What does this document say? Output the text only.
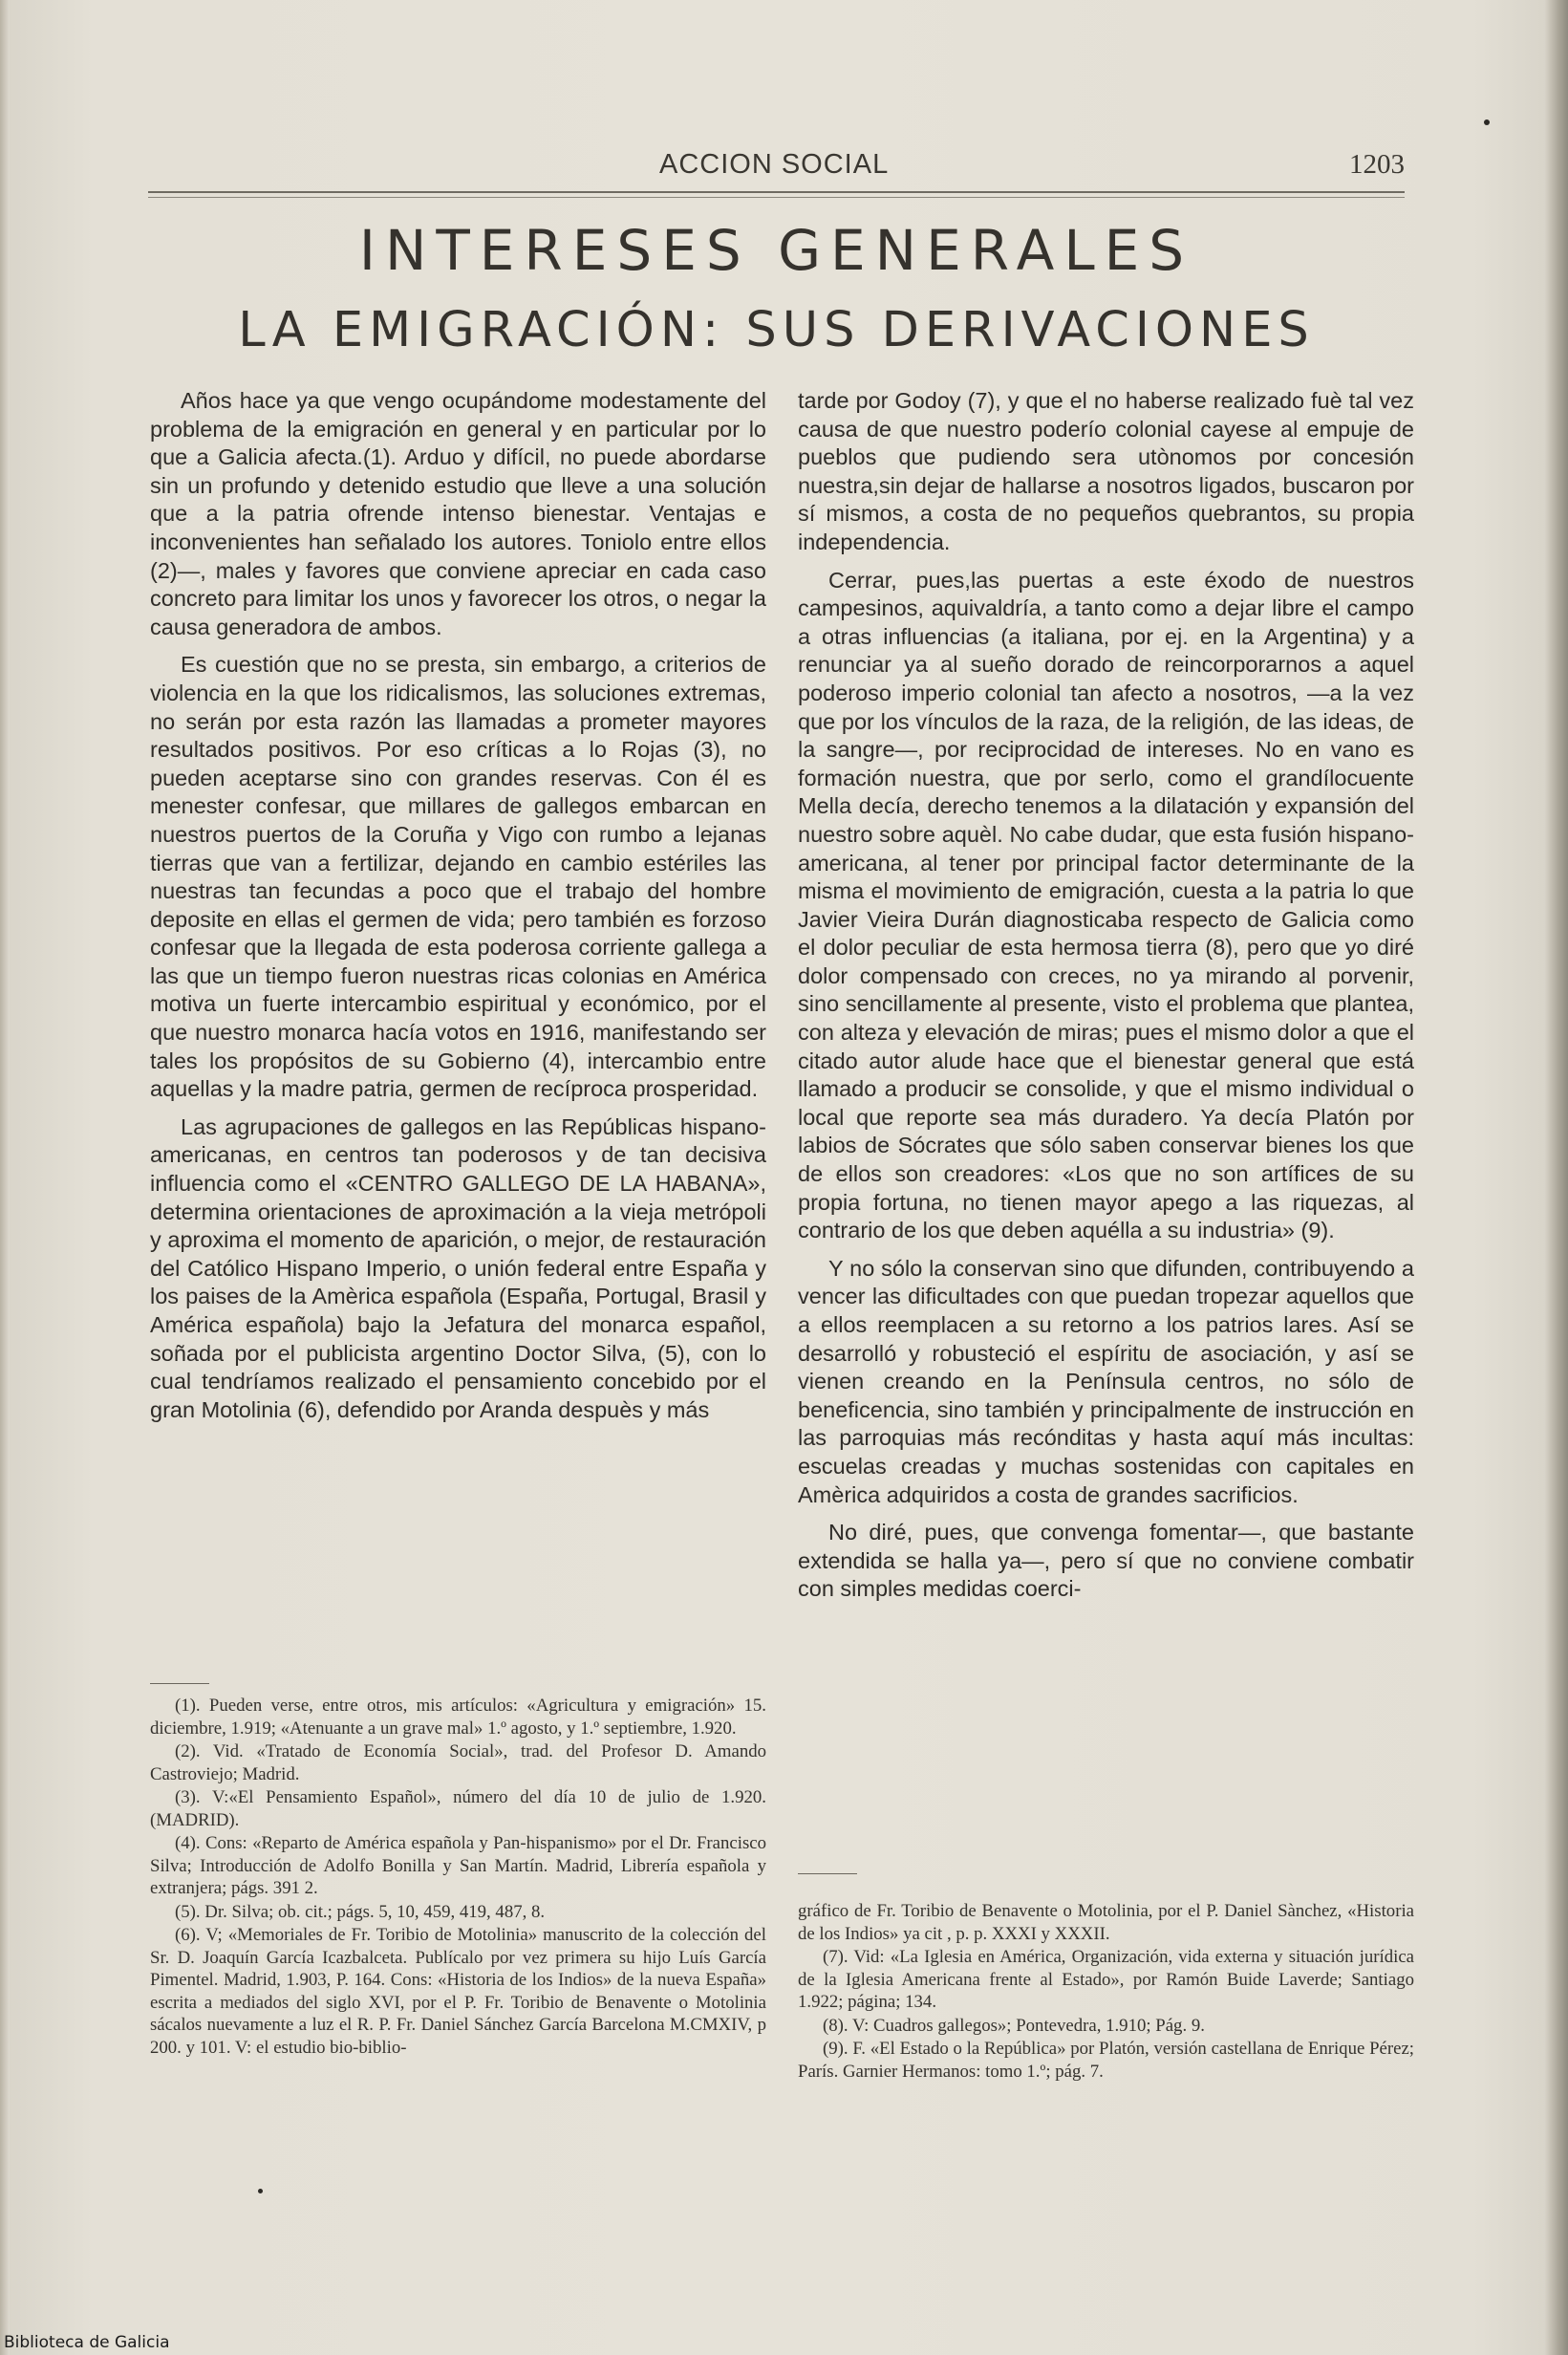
ACCION SOCIAL	1203
INTERESES GENERALES
LA EMIGRACIÓN: SUS DERIVACIONES

Años hace ya que vengo ocupándome modestamente del problema de la emigración en general y en particular por lo que a Galicia afecta.(1). Arduo y difícil, no puede abordarse sin un profundo y detenido estudio que lleve a una solución que a la patria ofrende intenso bienestar. Ventajas e inconvenientes han señalado los autores. Toniolo entre ellos (2)—, males y favores que conviene apreciar en cada caso concreto para limitar los unos y favorecer los otros, o negar la causa generadora de ambos.

Es cuestión que no se presta, sin embargo, a criterios de violencia en la que los ridicalismos, las soluciones extremas, no serán por esta razón las llamadas a prometer mayores resultados positivos. Por eso críticas a lo Rojas (3), no pueden aceptarse sino con grandes reservas. Con él es menester confesar, que millares de gallegos embarcan en nuestros puertos de la Coruña y Vigo con rumbo a lejanas tierras que van a fertilizar, dejando en cambio estériles las nuestras tan fecundas a poco que el trabajo del hombre deposite en ellas el germen de vida; pero también es forzoso confesar que la llegada de esta poderosa corriente gallega a las que un tiempo fueron nuestras ricas colonias en América motiva un fuerte intercambio espiritual y económico, por el que nuestro monarca hacía votos en 1916, manifestando ser tales los propósitos de su Gobierno (4), intercambio entre aquellas y la madre patria, germen de recíproca prosperidad.

Las agrupaciones de gallegos en las Repúblicas hispano-americanas, en centros tan poderosos y de tan decisiva influencia como el «CENTRO GALLEGO DE LA HABANA», determina orientaciones de aproximación a la vieja metrópoli y aproxima el momento de aparición, o mejor, de restauración del Católico Hispano Imperio, o unión federal entre España y los paises de la Amèrica española (España, Portugal, Brasil y América española) bajo la Jefatura del monarca español, soñada por el publicista argentino Doctor Silva, (5), con lo cual tendríamos realizado el pensamiento concebido por el gran Motolinia (6), defendido por Aranda despuès y más

tarde por Godoy (7), y que el no haberse realizado fuè tal vez causa de que nuestro poderío colonial cayese al empuje de pueblos que pudiendo sera utònomos por concesión nuestra,sin dejar de hallarse a nosotros ligados, buscaron por sí mismos, a costa de no pequeños quebrantos, su propia independencia.

Cerrar, pues,las puertas a este éxodo de nuestros campesinos, aquivaldría, a tanto como a dejar libre el campo a otras influencias (a italiana, por ej. en la Argentina) y a renunciar ya al sueño dorado de reincorporarnos a aquel poderoso imperio colonial tan afecto a nosotros, —a la vez que por los vínculos de la raza, de la religión, de las ideas, de la sangre—, por reciprocidad de intereses. No en vano es formación nuestra, que por serlo, como el grandílocuente Mella decía, derecho tenemos a la dilatación y expansión del nuestro sobre aquèl. No cabe dudar, que esta fusión hispano-americana, al tener por principal factor determinante de la misma el movimiento de emigración, cuesta a la patria lo que Javier Vieira Durán diagnosticaba respecto de Galicia como el dolor peculiar de esta hermosa tierra (8), pero que yo diré dolor compensado con creces, no ya mirando al porvenir, sino sencillamente al presente, visto el problema que plantea, con alteza y elevación de miras; pues el mismo dolor a que el citado autor alude hace que el bienestar general que está llamado a producir se consolide, y que el mismo individual o local que reporte sea más duradero. Ya decía Platón por labios de Sócrates que sólo saben conservar bienes los que de ellos son creadores: «Los que no son artífices de su propia fortuna, no tienen mayor apego a las riquezas, al contrario de los que deben aquélla a su industria» (9).

Y no sólo la conservan sino que difunden, contribuyendo a vencer las dificultades con que puedan tropezar aquellos que a ellos reemplacen a su retorno a los patrios lares. Así se desarrolló y robusteció el espíritu de asociación, y así se vienen creando en la Península centros, no sólo de beneficencia, sino también y principalmente de instrucción en las parroquias más recónditas y hasta aquí más incultas: escuelas creadas y muchas sostenidas con capitales en Amèrica adquiridos a costa de grandes sacrificios.

No diré, pues, que convenga fomentar—, que bastante extendida se halla ya—, pero sí que no conviene combatir con simples medidas coerci-

(1). Pueden verse, entre otros, mis artículos: «Agricultura y emigración» 15. diciembre, 1.919; «Atenuante a un grave mal» 1.º agosto, y 1.º septiembre, 1.920.

(2). Vid. «Tratado de Economía Social», trad. del Profesor D. Amando Castroviejo; Madrid.

(3). V:«El Pensamiento Español», número del día 10 de julio de 1.920. (MADRID).

(4). Cons: «Reparto de América española y Pan-hispanismo» por el Dr. Francisco Silva; Introducción de Adolfo Bonilla y San Martín. Madrid, Librería española y extranjera; págs. 391 2.

(5). Dr. Silva; ob. cit.; págs. 5, 10, 459, 419, 487, 8.

(6). V; «Memoriales de Fr. Toribio de Motolinia» manuscrito de la colección del Sr. D. Joaquín García Icazbalceta. Publícalo por vez primera su hijo Luís García Pimentel. Madrid, 1.903, P. 164. Cons: «Historia de los Indios» de la nueva España» escrita a mediados del siglo XVI, por el P. Fr. Toribio de Benavente o Motolinia sácalos nuevamente a luz el R. P. Fr. Daniel Sánchez García Barcelona M.CMXIV, p 200. y 101. V: el estudio bio-biblio-

gráfico de Fr. Toribio de Benavente o Motolinia, por el P. Daniel Sànchez, «Historia de los Indios» ya cit , p. p. XXXI y XXXII.

(7). Vid: «La Iglesia en América, Organización, vida externa y situación jurídica de la Iglesia Americana frente al Estado», por Ramón Buide Laverde; Santiago 1.922; página; 134.

(8). V: Cuadros gallegos»; Pontevedra, 1.910; Pág. 9.

(9). F. «El Estado o la República» por Platón, versión castellana de Enrique Pérez; París. Garnier Hermanos: tomo 1.º; pág. 7.

Biblioteca de Galicia
